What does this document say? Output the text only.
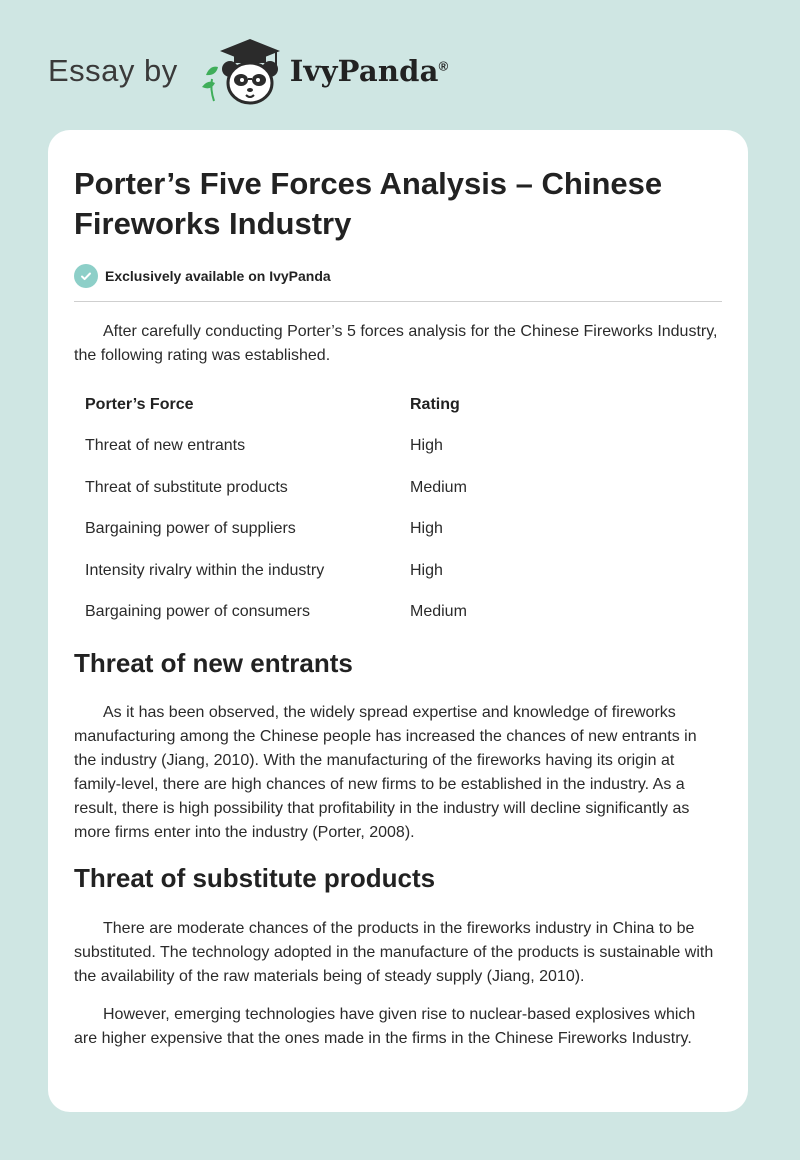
Essay by	IvyPanda®
Porter’s Five Forces Analysis – Chinese Fireworks Industry
Exclusively available on IvyPanda

After carefully conducting Porter’s 5 forces analysis for the Chinese Fireworks Industry, the following rating was established.

Porter’s Force	Rating
Threat of new entrants	High
Threat of substitute products	Medium
Bargaining power of suppliers	High
Intensity rivalry within the industry	High
Bargaining power of consumers	Medium
Threat of new entrants

As it has been observed, the widely spread expertise and knowledge of fireworks manufacturing among the Chinese people has increased the chances of new entrants in the industry (Jiang, 2010). With the manufacturing of the fireworks having its origin at family-level, there are high chances of new firms to be established in the industry. As a result, there is high possibility that profitability in the industry will decline significantly as more firms enter into the industry (Porter, 2008).

Threat of substitute products

There are moderate chances of the products in the fireworks industry in China to be substituted. The technology adopted in the manufacture of the products is sustainable with the availability of the raw materials being of steady supply (Jiang, 2010).

However, emerging technologies have given rise to nuclear-based explosives which are higher expensive that the ones made in the firms in the Chinese Fireworks Industry.
